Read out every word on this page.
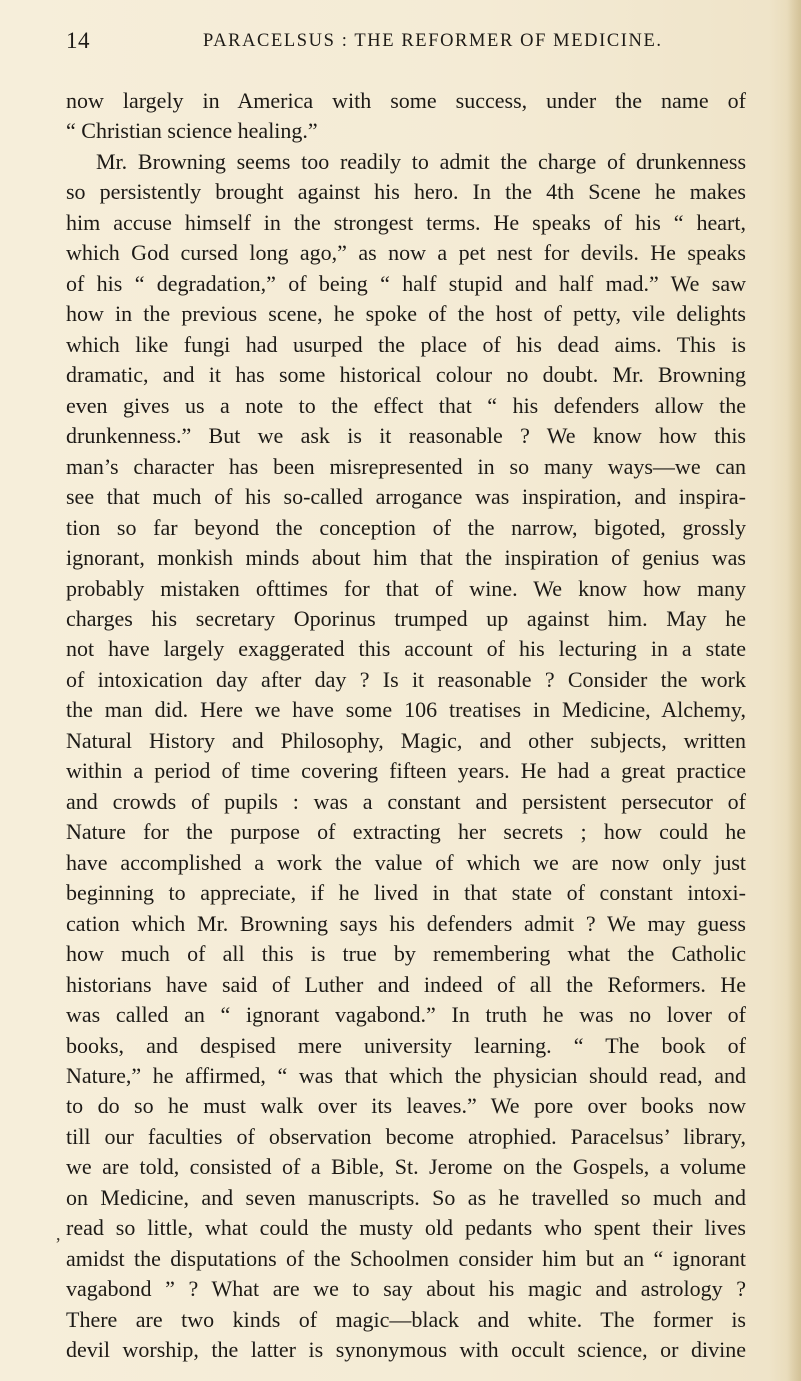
14	PARACELSUS : THE REFORMER OF MEDICINE.
now largely in America with some success, under the name of
“ Christian science healing.”
Mr. Browning seems too readily to admit the charge of drunkenness
so persistently brought against his hero. In the 4th Scene he makes
him accuse himself in the strongest terms. He speaks of his “ heart,
which God cursed long ago,” as now a pet nest for devils. He speaks
of his “ degradation,” of being “ half stupid and half mad.” We saw
how in the previous scene, he spoke of the host of petty, vile delights
which like fungi had usurped the place of his dead aims. This is
dramatic, and it has some historical colour no doubt. Mr. Browning
even gives us a note to the effect that “ his defenders allow the
drunkenness.” But we ask is it reasonable ? We know how this
man’s character has been misrepresented in so many ways—we can
see that much of his so-called arrogance was inspiration, and inspira-
tion so far beyond the conception of the narrow, bigoted, grossly
ignorant, monkish minds about him that the inspiration of genius was
probably mistaken ofttimes for that of wine. We know how many
charges his secretary Oporinus trumped up against him. May he
not have largely exaggerated this account of his lecturing in a state
of intoxication day after day ? Is it reasonable ? Consider the work
the man did. Here we have some 106 treatises in Medicine, Alchemy,
Natural History and Philosophy, Magic, and other subjects, written
within a period of time covering fifteen years. He had a great practice
and crowds of pupils : was a constant and persistent persecutor of
Nature for the purpose of extracting her secrets ; how could he
have accomplished a work the value of which we are now only just
beginning to appreciate, if he lived in that state of constant intoxi-
cation which Mr. Browning says his defenders admit ? We may guess
how much of all this is true by remembering what the Catholic
historians have said of Luther and indeed of all the Reformers. He
was called an “ ignorant vagabond.” In truth he was no lover of
books, and despised mere university learning. “ The book of
Nature,” he affirmed, “ was that which the physician should read, and
to do so he must walk over its leaves.” We pore over books now
till our faculties of observation become atrophied. Paracelsus’ library,
we are told, consisted of a Bible, St. Jerome on the Gospels, a volume
on Medicine, and seven manuscripts. So as he travelled so much and
read so little, what could the musty old pedants who spent their lives
amidst the disputations of the Schoolmen consider him but an “ ignorant
vagabond ” ? What are we to say about his magic and astrology ?
There are two kinds of magic—black and white. The former is
devil worship, the latter is synonymous with occult science, or divine
,
